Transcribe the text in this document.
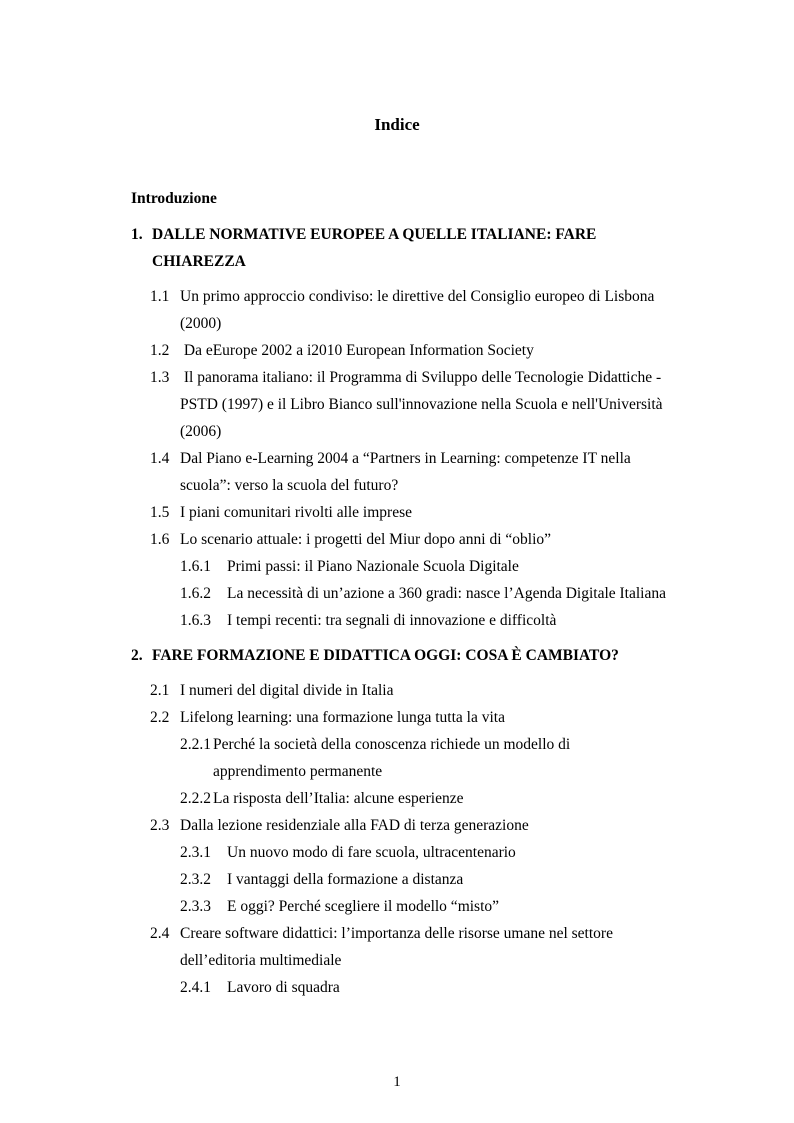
Indice
Introduzione
1. DALLE NORMATIVE EUROPEE A QUELLE ITALIANE: FARE
CHIAREZZA
1.1 Un primo approccio condiviso: le direttive del Consiglio europeo di Lisbona
(2000)
1.2 Da eEurope 2002 a i2010 European Information Society
1.3 Il panorama italiano: il Programma di Sviluppo delle Tecnologie Didattiche -
PSTD (1997) e il Libro Bianco sull'innovazione nella Scuola e nell'Università
(2006)
1.4 Dal Piano e-Learning 2004 a “Partners in Learning: competenze IT nella
scuola”: verso la scuola del futuro?
1.5 I piani comunitari rivolti alle imprese
1.6 Lo scenario attuale: i progetti del Miur dopo anni di “oblio”
1.6.1 Primi passi: il Piano Nazionale Scuola Digitale
1.6.2 La necessità di un’azione a 360 gradi: nasce l’Agenda Digitale Italiana
1.6.3 I tempi recenti: tra segnali di innovazione e difficoltà
2. FARE FORMAZIONE E DIDATTICA OGGI: COSA È CAMBIATO?
2.1 I numeri del digital divide in Italia
2.2 Lifelong learning: una formazione lunga tutta la vita
2.2.1 Perché la società della conoscenza richiede un modello di
apprendimento permanente
2.2.2 La risposta dell’Italia: alcune esperienze
2.3 Dalla lezione residenziale alla FAD di terza generazione
2.3.1 Un nuovo modo di fare scuola, ultracentenario
2.3.2 I vantaggi della formazione a distanza
2.3.3 E oggi? Perché scegliere il modello “misto”
2.4 Creare software didattici: l’importanza delle risorse umane nel settore
dell’editoria multimediale
2.4.1 Lavoro di squadra
1
